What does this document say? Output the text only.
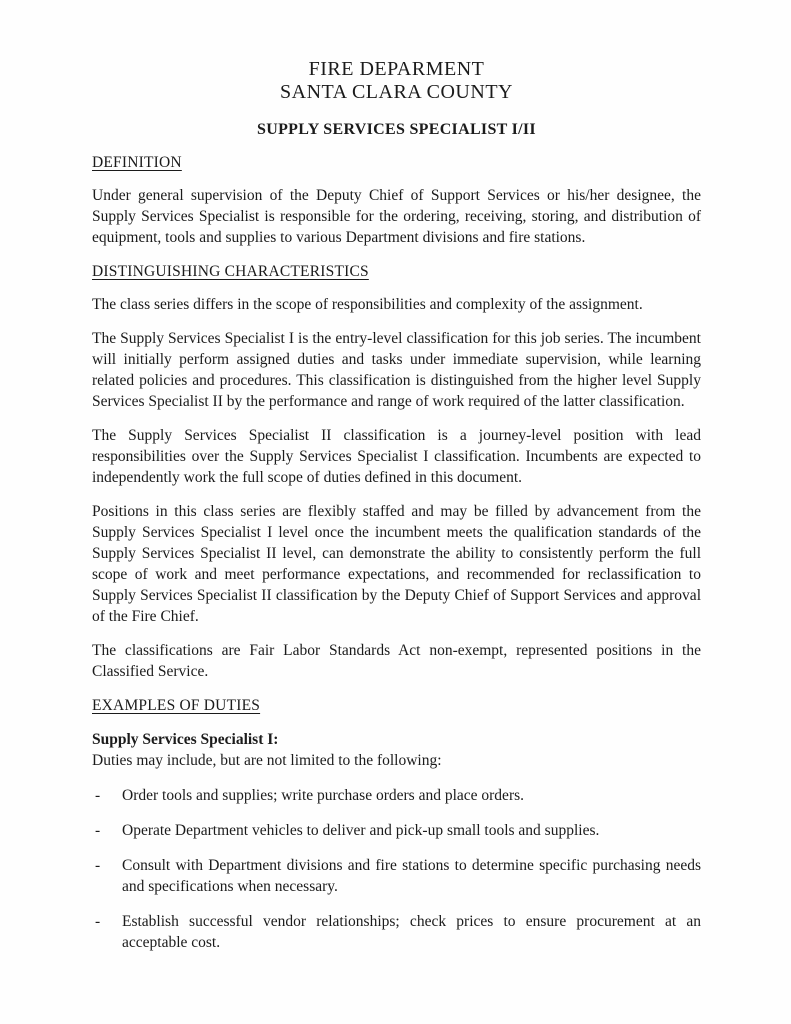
FIRE DEPARMENT
SANTA CLARA COUNTY
SUPPLY SERVICES SPECIALIST I/II
DEFINITION

Under general supervision of the Deputy Chief of Support Services or his/her designee, the Supply Services Specialist is responsible for the ordering, receiving, storing, and distribution of equipment, tools and supplies to various Department divisions and fire stations.

DISTINGUISHING CHARACTERISTICS

The class series differs in the scope of responsibilities and complexity of the assignment.

The Supply Services Specialist I is the entry-level classification for this job series. The incumbent will initially perform assigned duties and tasks under immediate supervision, while learning related policies and procedures. This classification is distinguished from the higher level Supply Services Specialist II by the performance and range of work required of the latter classification.

The Supply Services Specialist II classification is a journey-level position with lead responsibilities over the Supply Services Specialist I classification. Incumbents are expected to independently work the full scope of duties defined in this document.

Positions in this class series are flexibly staffed and may be filled by advancement from the Supply Services Specialist I level once the incumbent meets the qualification standards of the Supply Services Specialist II level, can demonstrate the ability to consistently perform the full scope of work and meet performance expectations, and recommended for reclassification to Supply Services Specialist II classification by the Deputy Chief of Support Services and approval of the Fire Chief.

The classifications are Fair Labor Standards Act non-exempt, represented positions in the Classified Service.

EXAMPLES OF DUTIES
Supply Services Specialist I:
Duties may include, but are not limited to the following:
-	Order tools and supplies; write purchase orders and place orders.
-	Operate Department vehicles to deliver and pick-up small tools and supplies.
-	Consult with Department divisions and fire stations to determine specific purchasing needs and specifications when necessary.
-	Establish successful vendor relationships; check prices to ensure procurement at an acceptable cost.
